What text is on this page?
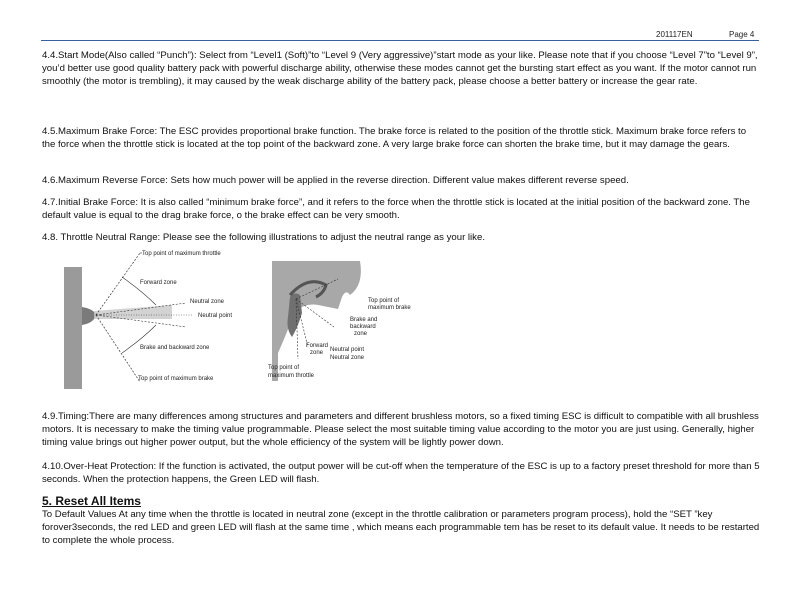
201117EN	Page 4

4.4.Start Mode(Also called “Punch”): Select from “Level1 (Soft)”to “Level 9 (Very aggressive)”start mode as your like. Please note that if you choose “Level 7”to “Level 9”, you’d better use good quality battery pack with powerful discharge ability, otherwise these modes cannot get the bursting start effect as you want. If the motor cannot run smoothly (the motor is trembling), it may caused by the weak discharge ability of the battery pack, please choose a better battery or increase the gear rate.

4.5.Maximum Brake Force: The ESC provides proportional brake function. The brake force is related to the position of the throttle stick. Maximum brake force refers to the force when the throttle stick is located at the top point of the backward zone. A very large brake force can shorten the brake time, but it may damage the gears.

4.6.Maximum Reverse Force: Sets how much power will be applied in the reverse direction. Different value makes different reverse speed.

4.7.Initial Brake Force: It is also called “minimum brake force”, and it refers to the force when the throttle stick is located at the initial position of the backward zone. The default value is equal to the drag brake force, o the brake effect can be very smooth.

4.8. Throttle Neutral Range: Please see the following illustrations to adjust the neutral range as your like.

Top point of maximum throttle
Forward zone
Neutral zone
Neutral point
Brake and backward zone
Top point of maximum brake
Top point of
maximum brake
Brake and
backward
zone
Forward
zone Neutral point
Neutral zone
Top point of
maximum throttle

4.9.Timing:There are many differences among structures and parameters and different brushless motors, so a fixed timing ESC is difficult to compatible with all brushless motors. It is necessary to make the timing value programmable. Please select the most suitable timing value according to the motor you are just using. Generally, higher timing value brings out higher power output, but the whole efficiency of the system will be lightly power down.

4.10.Over-Heat Protection: If the function is activated, the output power will be cut-off when the temperature of the ESC is up to a factory preset threshold for more than 5 seconds. When the protection happens, the Green LED will flash.

5. Reset All Items

To Default Values At any time when the throttle is located in neutral zone (except in the throttle calibration or parameters program process), hold the “SET ”key forover3seconds, the red LED and green LED will flash at the same time , which means each programmable tem has be reset to its default value. It needs to be restarted to complete the whole process.
